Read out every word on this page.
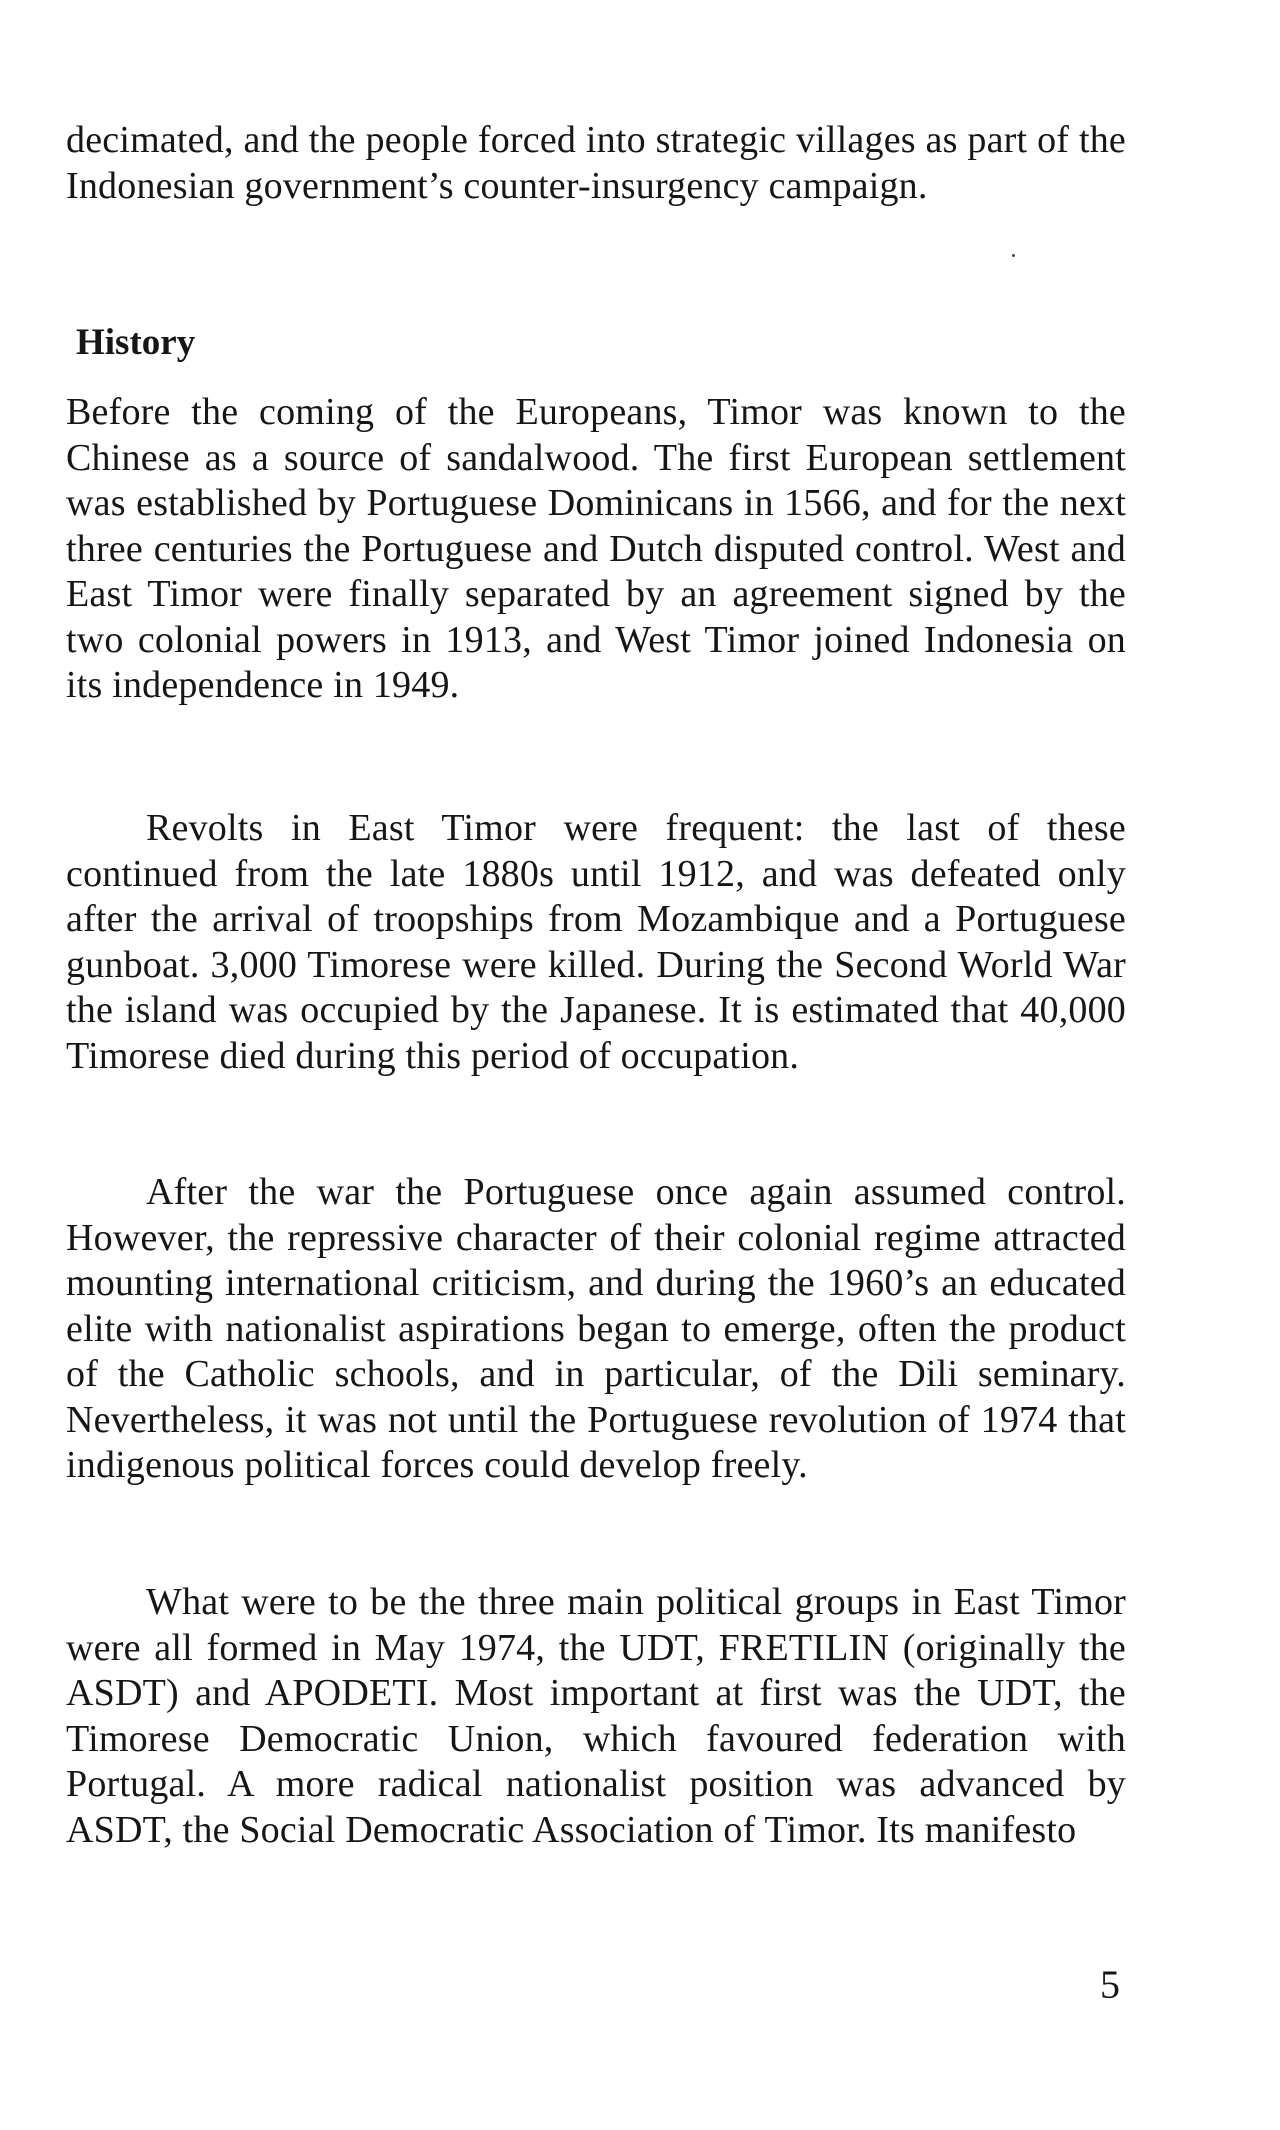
decimated, and the people forced into strategic villages as part of the Indonesian government’s counter-insurgency campaign.

History

Before the coming of the Europeans, Timor was known to the Chinese as a source of sandalwood. The first European settlement was established by Portuguese Dominicans in 1566, and for the next three centuries the Portuguese and Dutch disputed control. West and East Timor were finally separated by an agreement signed by the two colonial powers in 1913, and West Timor joined Indonesia on its independence in 1949.

Revolts in East Timor were frequent: the last of these continued from the late 1880s until 1912, and was defeated only after the arrival of troopships from Mozambique and a Portuguese gunboat. 3,000 Timorese were killed. During the Second World War the island was occupied by the Japanese. It is estimated that 40,000 Timorese died during this period of occupation.

After the war the Portuguese once again assumed control. However, the repressive character of their colonial regime attracted mounting international criticism, and during the 1960’s an educated elite with nationalist aspirations began to emerge, often the product of the Catholic schools, and in particular, of the Dili seminary. Nevertheless, it was not until the Portuguese revolution of 1974 that indigenous political forces could develop freely.

What were to be the three main political groups in East Timor were all formed in May 1974, the UDT, FRETILIN (originally the ASDT) and APODETI. Most important at first was the UDT, the Timorese Democratic Union, which favoured federation with Portugal. A more radical nationalist position was advanced by ASDT, the Social Democratic Association of Timor. Its manifesto

5
